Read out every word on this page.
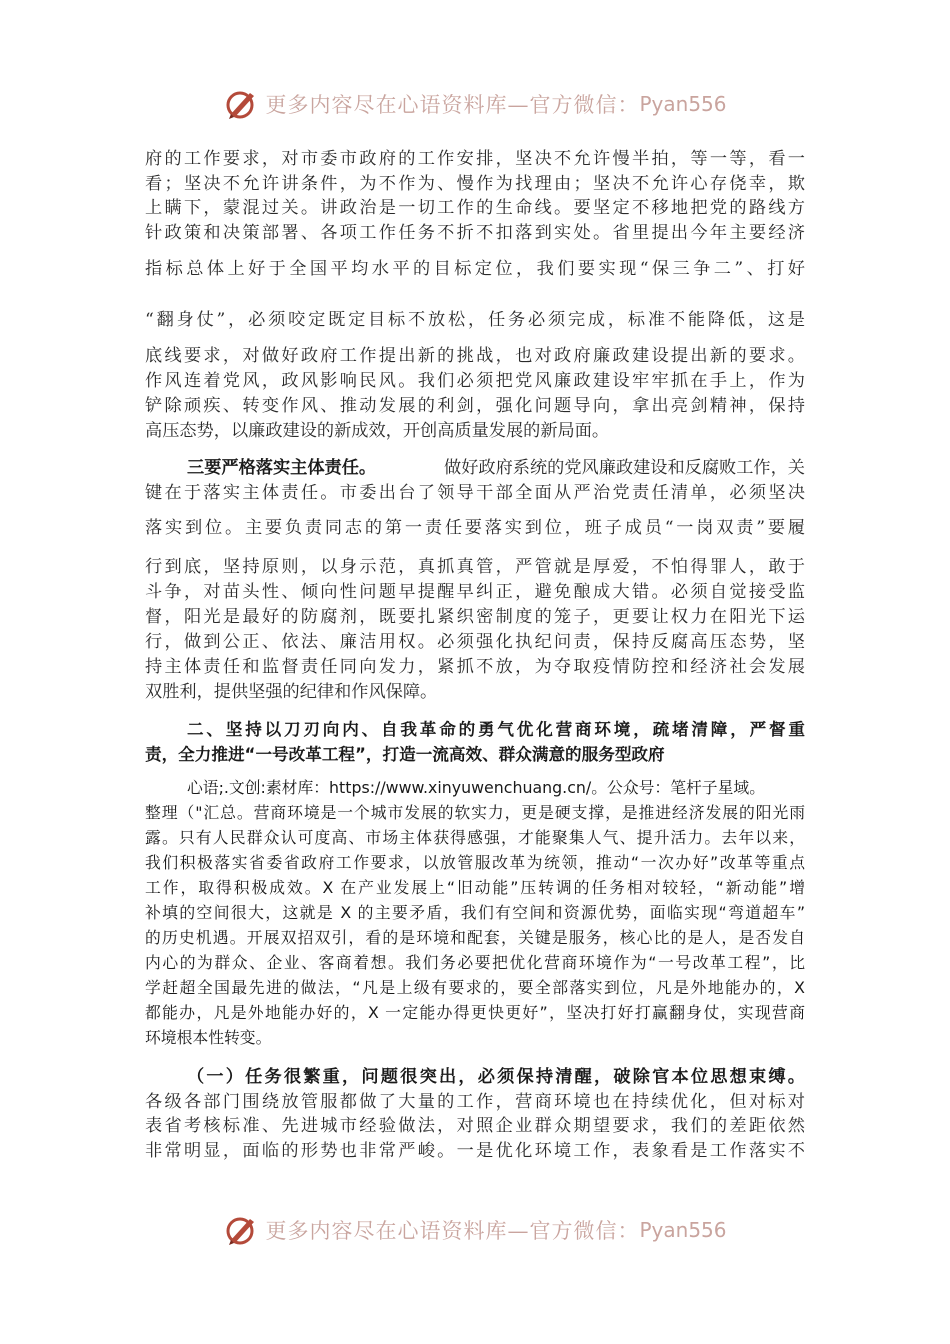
更多内容尽在心语资料库—官方微信： Pyan556
府的工作要求，对市委市政府的工作安排，坚决不允许慢半拍，等一等，看一
看；坚决不允许讲条件，为不作为、慢作为找理由；坚决不允许心存侥幸，欺
上瞒下，蒙混过关。讲政治是一切工作的生命线。要坚定不移地把党的路线方
针政策和决策部署、各项工作任务不折不扣落到实处。省里提出今年主要经济
指标总体上好于全国平均水平的目标定位，我们要实现“保三争二”、打好
“翻身仗”，必须咬定既定目标不放松，任务必须完成，标准不能降低，这是
底线要求，对做好政府工作提出新的挑战，也对政府廉政建设提出新的要求。
作风连着党风，政风影响民风。我们必须把党风廉政建设牢牢抓在手上，作为
铲除顽疾、转变作风、推动发展的利剑，强化问题导向，拿出亮剑精神，保持
高压态势，以廉政建设的新成效，开创高质量发展的新局面。
三要严格落实主体责任。	做好政府系统的党风廉政建设和反腐败工作，关
键在于落实主体责任。市委出台了领导干部全面从严治党责任清单，必须坚决
落实到位。主要负责同志的第一责任要落实到位，班子成员“一岗双责”要履
行到底，坚持原则，以身示范，真抓真管，严管就是厚爱，不怕得罪人，敢于
斗争，对苗头性、倾向性问题早提醒早纠正，避免酿成大错。必须自觉接受监
督，阳光是最好的防腐剂，既要扎紧织密制度的笼子，更要让权力在阳光下运
行，做到公正、依法、廉洁用权。必须强化执纪问责，保持反腐高压态势，坚
持主体责任和监督责任同向发力，紧抓不放，为夺取疫情防控和经济社会发展
双胜利，提供坚强的纪律和作风保障。
二、坚持以刀刃向内、自我革命的勇气优化营商环境，疏堵清障，严督重
责，全力推进“一号改革工程”，打造一流高效、群众满意的服务型政府
心语;.文创:素材库：https://www.xinyuwenchuang.cn/。公众号：笔杆子星域。
整理（"汇总。营商环境是一个城市发展的软实力，更是硬支撑，是推进经济发展的阳光雨
露。只有人民群众认可度高、市场主体获得感强，才能聚集人气、提升活力。去年以来，
我们积极落实省委省政府工作要求，以放管服改革为统领，推动“一次办好”改革等重点
工作，取得积极成效。X 在产业发展上“旧动能”压转调的任务相对较轻，“新动能”增
补填的空间很大，这就是 X 的主要矛盾，我们有空间和资源优势，面临实现“弯道超车”
的历史机遇。开展双招双引，看的是环境和配套，关键是服务，核心比的是人，是否发自
内心的为群众、企业、客商着想。我们务必要把优化营商环境作为“一号改革工程”，比
学赶超全国最先进的做法，“凡是上级有要求的，要全部落实到位，凡是外地能办的，X
都能办，凡是外地能办好的，X 一定能办得更快更好”，坚决打好打赢翻身仗，实现营商
环境根本性转变。
（一）任务很繁重，问题很突出，必须保持清醒，破除官本位思想束缚。
各级各部门围绕放管服都做了大量的工作，营商环境也在持续优化，但对标对
表省考核标准、先进城市经验做法，对照企业群众期望要求，我们的差距依然
非常明显，面临的形势也非常严峻。一是优化环境工作，表象看是工作落实不
更多内容尽在心语资料库—官方微信： Pyan556
